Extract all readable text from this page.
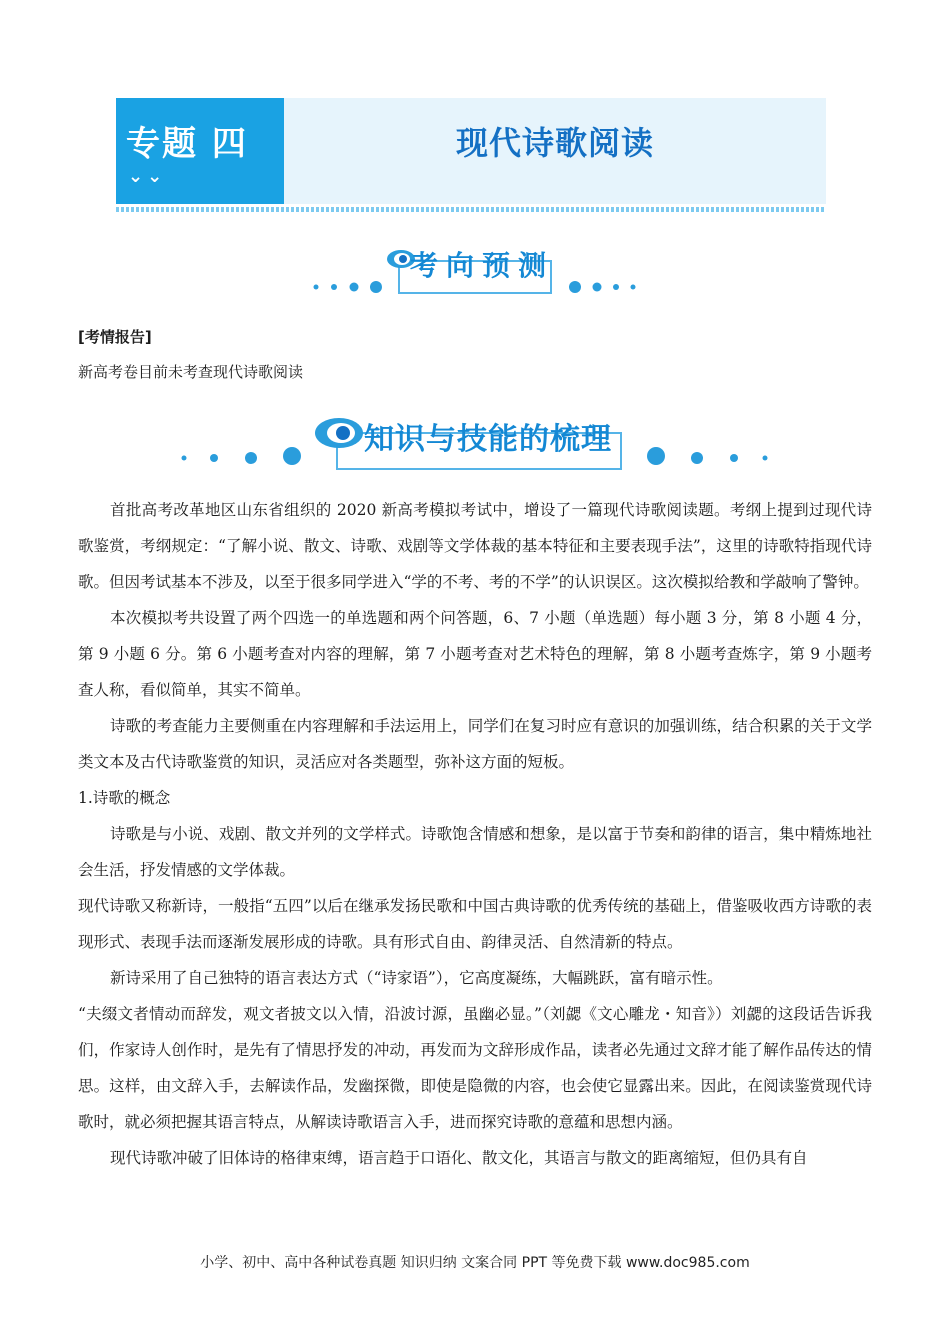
专题 四
⌄⌄
现代诗歌阅读
考向预测
[考情报告]
新高考卷目前未考查现代诗歌阅读
知识与技能的梳理

首批高考改革地区山东省组织的 2020 新高考模拟考试中，增设了一篇现代诗歌阅读题。考纲上提到过现代诗歌鉴赏，考纲规定：“了解小说、散文、诗歌、戏剧等文学体裁的基本特征和主要表现手法”，这里的诗歌特指现代诗歌。但因考试基本不涉及，以至于很多同学进入“学的不考、考的不学”的认识误区。这次模拟给教和学敲响了警钟。

本次模拟考共设置了两个四选一的单选题和两个问答题，6、7 小题（单选题）每小题 3 分，第 8 小题 4 分，第 9 小题 6 分。第 6 小题考查对内容的理解，第 7 小题考查对艺术特色的理解，第 8 小题考查炼字，第 9 小题考查人称，看似简单，其实不简单。

诗歌的考查能力主要侧重在内容理解和手法运用上，同学们在复习时应有意识的加强训练，结合积累的关于文学类文本及古代诗歌鉴赏的知识，灵活应对各类题型，弥补这方面的短板。

1.诗歌的概念

诗歌是与小说、戏剧、散文并列的文学样式。诗歌饱含情感和想象，是以富于节奏和韵律的语言，集中精炼地社会生活，抒发情感的文学体裁。

现代诗歌又称新诗，一般指“五四”以后在继承发扬民歌和中国古典诗歌的优秀传统的基础上，借鉴吸收西方诗歌的表现形式、表现手法而逐渐发展形成的诗歌。具有形式自由、韵律灵活、自然清新的特点。

新诗采用了自己独特的语言表达方式（“诗家语”），它高度凝练，大幅跳跃，富有暗示性。

“夫缀文者情动而辞发，观文者披文以入情，沿波讨源，虽幽必显。”（刘勰《文心雕龙・知音》）刘勰的这段话告诉我们，作家诗人创作时，是先有了情思抒发的冲动，再发而为文辞形成作品，读者必先通过文辞才能了解作品传达的情思。这样，由文辞入手，去解读作品，发幽探微，即使是隐微的内容，也会使它显露出来。因此，在阅读鉴赏现代诗歌时，就必须把握其语言特点，从解读诗歌语言入手，进而探究诗歌的意蕴和思想内涵。

现代诗歌冲破了旧体诗的格律束缚，语言趋于口语化、散文化，其语言与散文的距离缩短，但仍具有自

小学、初中、高中各种试卷真题 知识归纳 文案合同 PPT 等免费下载 www.doc985.com
